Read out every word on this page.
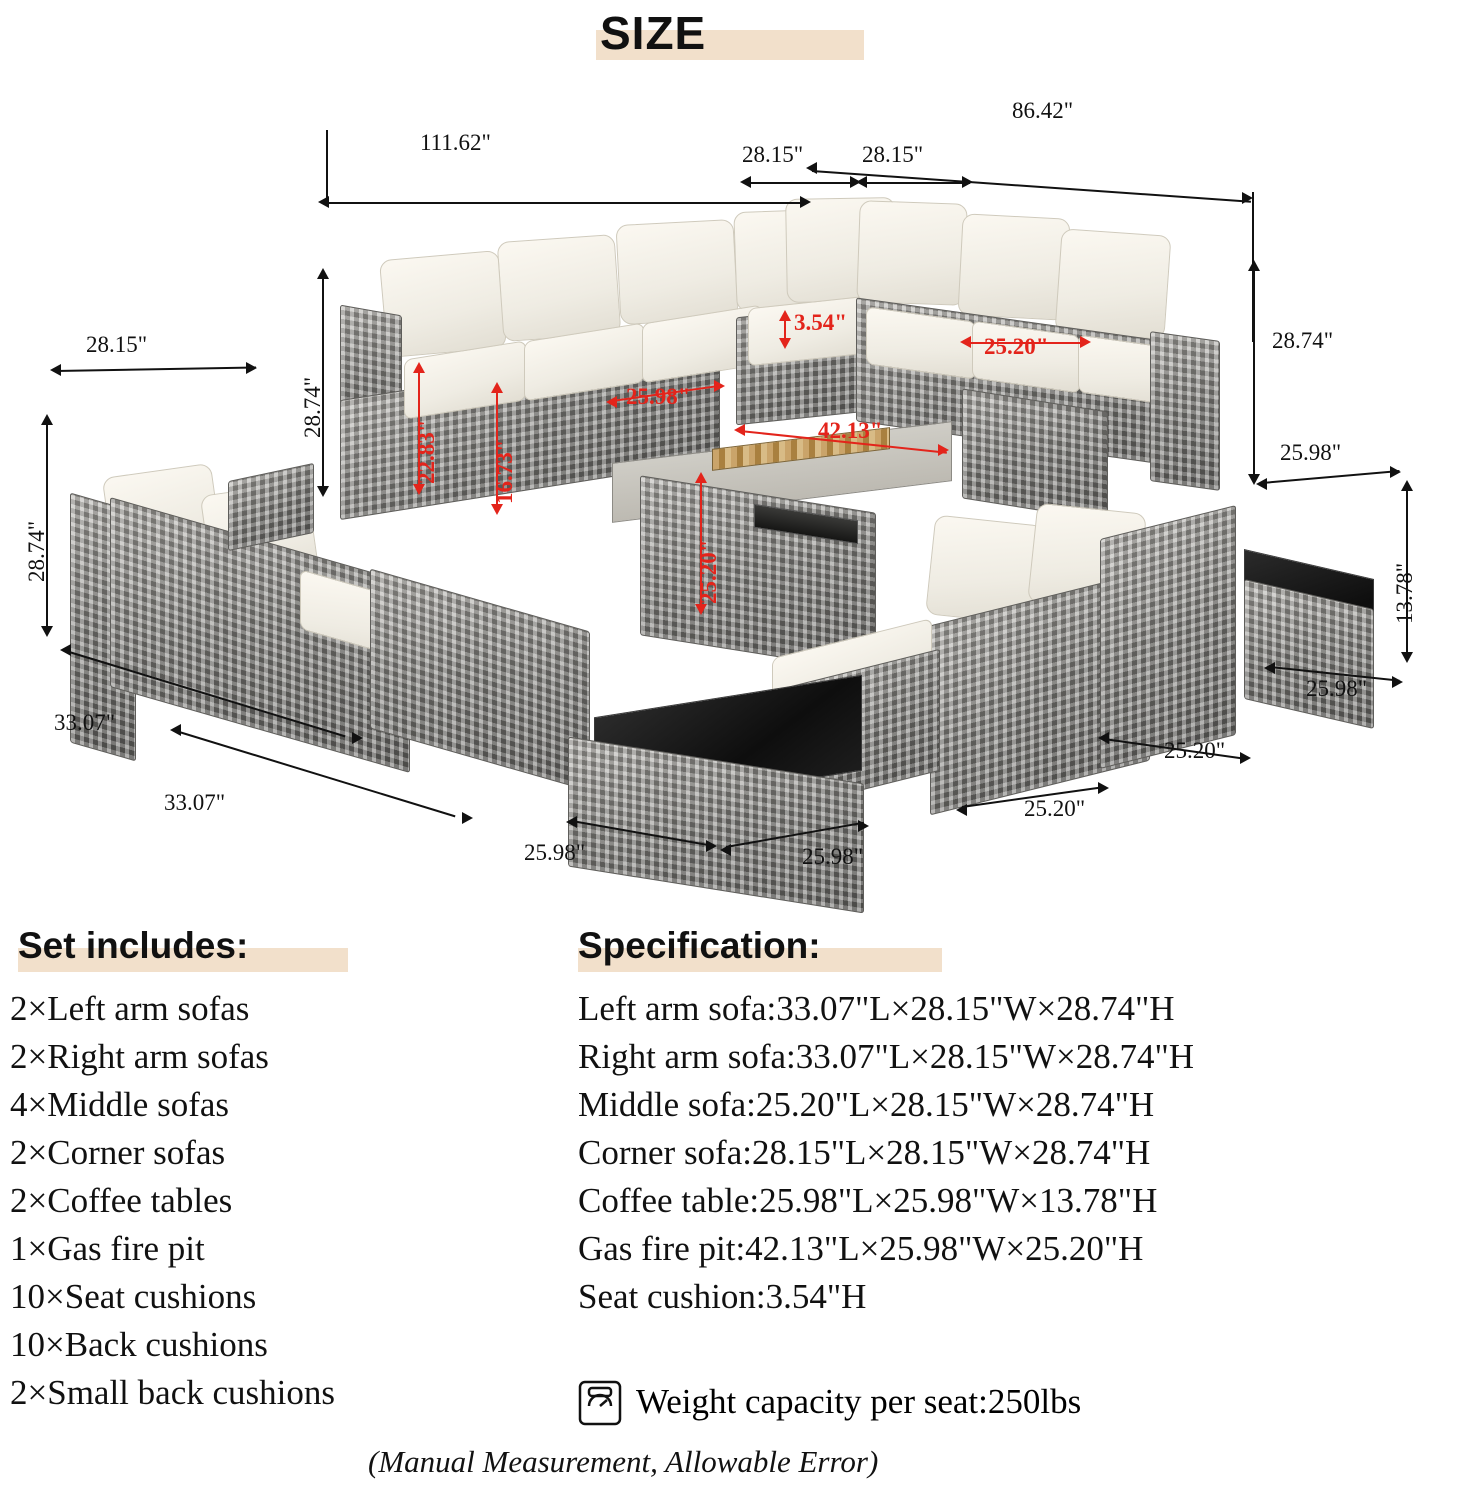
SIZE
111.62"	28.15"	28.15"
86.42"
28.74"
28.74"
28.15"
28.74"
3.54"
25.20"
22.83" 16.73"
25.98"
42.13"
25.20"
25.98"
13.78"
25.98"
33.07"
33.07"
25.20"
25.20"
25.98"	25.98"
Set includes:
2×Left arm sofas
2×Right arm sofas
4×Middle sofas
2×Corner sofas
2×Coffee tables
1×Gas fire pit
10×Seat cushions
10×Back cushions
2×Small back cushions
Specification:
Left arm sofa:33.07"L×28.15"W×28.74"H
Right arm sofa:33.07"L×28.15"W×28.74"H
Middle sofa:25.20"L×28.15"W×28.74"H
Corner sofa:28.15"L×28.15"W×28.74"H
Coffee table:25.98"L×25.98"W×13.78"H
Gas fire pit:42.13"L×25.98"W×25.20"H
Seat cushion:3.54"H
Weight capacity per seat:250lbs
(Manual Measurement, Allowable Error)
